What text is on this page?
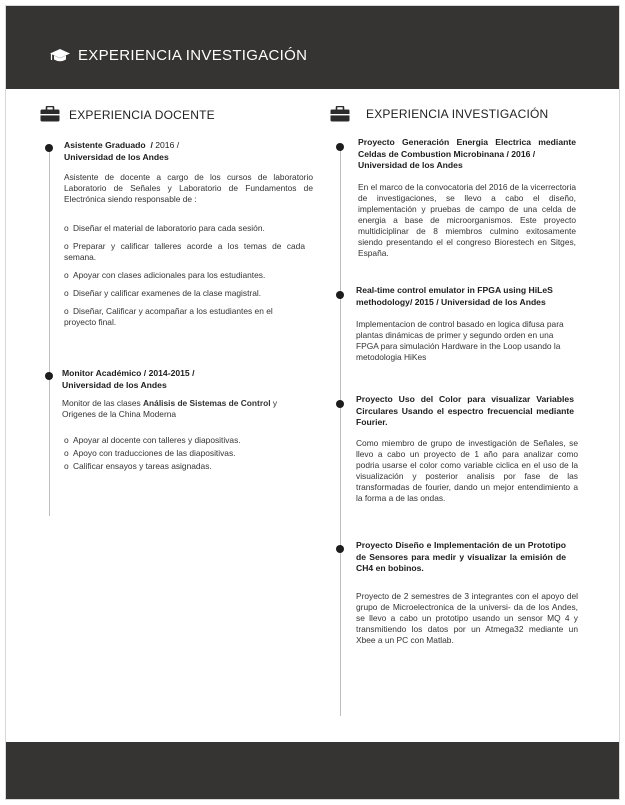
EXPERIENCIA INVESTIGACIÓN
EXPERIENCIA DOCENTE
Asistente Graduado  / 2016 /
Universidad de los Andes
Asistente de docente a cargo de los cursos de laboratorio Laboratorio de Señales y Laboratorio de Fundamentos de Electrónica siendo responsable de :
o Diseñar el material de laboratorio para cada sesión.
o Preparar y calificar talleres acorde a los temas de cada semana.
o Apoyar con clases adicionales para los estudiantes.
o Diseñar y calificar examenes de la clase magistral.
o Diseñar, Calificar y acompañar a los estudiantes en el proyecto final.
Monitor Académico / 2014-2015 /
Universidad de los Andes
Monitor de las clases Análisis de Sistemas de Control y Origenes de la China Moderna
o Apoyar al docente con talleres y diapositivas.
o Apoyo con traducciones de las diapositivas.
o Calificar ensayos y tareas asignadas.
EXPERIENCIA INVESTIGACIÓN
Proyecto Generación Energia Electrica mediante Celdas de Combustion Microbinana / 2016 /
Universidad de los Andes
En el marco de la convocatoria del 2016 de la vicerrectoria de investigaciones, se llevo a cabo el diseño, implementación y pruebas de campo de una celda de energia a base de microorganismos. Este proyecto multidiciplinar de 8 miembros culmino exitosamente siendo presentando el el congreso Biorestech en Sitges, España.
Real-time control emulator in FPGA using HiLeS methodology/ 2015 / Universidad de los Andes
Implementacion de control basado en logica difusa para plantas dinámicas de primer y segundo orden en una FPGA para simulación Hardware in the Loop usando la metodologia HiKes
Proyecto Uso del Color para visualizar Variables Circulares Usando el espectro frecuencial mediante Fourier.
Como miembro de grupo de investigación de Señales, se llevo a cabo un proyecto de 1 año para analizar como podria usarse el color como variable ciclica en el uso de la visualización y posterior analisis por fase de las transformadas de fourier, dando un mejor entendimiento a la forma a de las ondas.
Proyecto Diseño e Implementación de un Prototipo de Sensores para medir y visualizar la emisión de CH4 en bobinos.
Proyecto de 2 semestres de 3 integrantes con el apoyo del grupo de Microelectronica de la universi- da de los Andes, se llevo a cabo un prototipo usando un sensor MQ 4 y transmitiendo los datos por un Atmega32 mediante un Xbee a un PC con Matlab.
